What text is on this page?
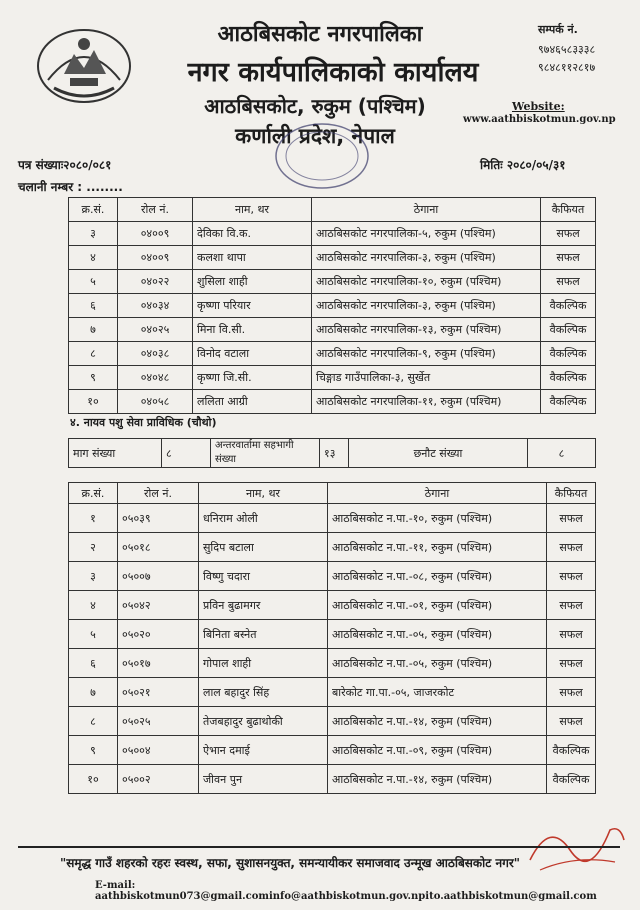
आठबिसकोट नगरपालिका
नगर कार्यपालिकाको कार्यालय
आठबिसकोट, रुकुम (पश्चिम)
कर्णाली प्रदेश, नेपाल
सम्पर्क नं.
९७४६५८३३३८
९८४८११२८१७
Website:
www.aathbiskotmun.gov.np
पत्र संख्याः२०८०/०८१	मितिः २०८०/०५/३१
चलानी नम्बर : ........
क्र.सं.	रोल नं.	नाम, थर	ठेगाना	कैफियत
३	०४००९	देविका वि.क.	आठबिसकोट नगरपालिका-५, रुकुम (पश्चिम)	सफल
४	०४००९	कलशा थापा	आठबिसकोट नगरपालिका-३, रुकुम (पश्चिम)	सफल
५	०४०२२	शुसिला शाही	आठबिसकोट नगरपालिका-१०, रुकुम (पश्चिम)	सफल
६	०४०३४	कृष्णा परियार	आठबिसकोट नगरपालिका-३, रुकुम (पश्चिम)	वैकल्पिक
७	०४०२५	मिना वि.सी.	आठबिसकोट नगरपालिका-१३, रुकुम (पश्चिम)	वैकल्पिक
८	०४०३८	विनोद वटाला	आठबिसकोट नगरपालिका-९, रुकुम (पश्चिम)	वैकल्पिक
९	०४०४८	कृष्णा जि.सी.	चिङ्गाड गाउँपालिका-३, सुर्खेत	वैकल्पिक
१०	०४०५८	ललिता आग्री	आठबिसकोट नगरपालिका-११, रुकुम (पश्चिम)	वैकल्पिक
४. नायव पशु सेवा प्राविधिक (चौथो)
माग संख्या	८	अन्तरवार्तामा सहभागी संख्या	१३	छनौट संख्या	८
क्र.सं.	रोल नं.	नाम, थर	ठेगाना	कैफियत
१	०५०३९	धनिराम ओली	आठबिसकोट न.पा.-१०, रुकुम (पश्चिम)	सफल
२	०५०१८	सुदिप बटाला	आठबिसकोट न.पा.-११, रुकुम (पश्चिम)	सफल
३	०५००७	विष्णु चदारा	आठबिसकोट न.पा.-०८, रुकुम (पश्चिम)	सफल
४	०५०४२	प्रविन बुढामगर	आठबिसकोट न.पा.-०१, रुकुम (पश्चिम)	सफल
५	०५०२०	बिनिता बस्नेत	आठबिसकोट न.पा.-०५, रुकुम (पश्चिम)	सफल
६	०५०१७	गोपाल शाही	आठबिसकोट न.पा.-०५, रुकुम (पश्चिम)	सफल
७	०५०२१	लाल बहादुर सिंह	बारेकोट गा.पा.-०५, जाजरकोट	सफल
८	०५०२५	तेजबहादुर बुढाथोकी	आठबिसकोट न.पा.-१४, रुकुम (पश्चिम)	सफल
९	०५००४	ऐभान दमाई	आठबिसकोट न.पा.-०९, रुकुम (पश्चिम)	वैकल्पिक
१०	०५००२	जीवन पुन	आठबिसकोट न.पा.-१४, रुकुम (पश्चिम)	वैकल्पिक
"समृद्ध गाउँ शहरको रहरः स्वस्थ, सफा, सुशासनयुक्त, समन्यायीकर समाजवाद उन्मूख आठबिसकोट नगर"
E-mail: aathbiskotmun073@gmail.cominfo@aathbiskotmun.gov.npito.aathbiskotmun@gmail.com
